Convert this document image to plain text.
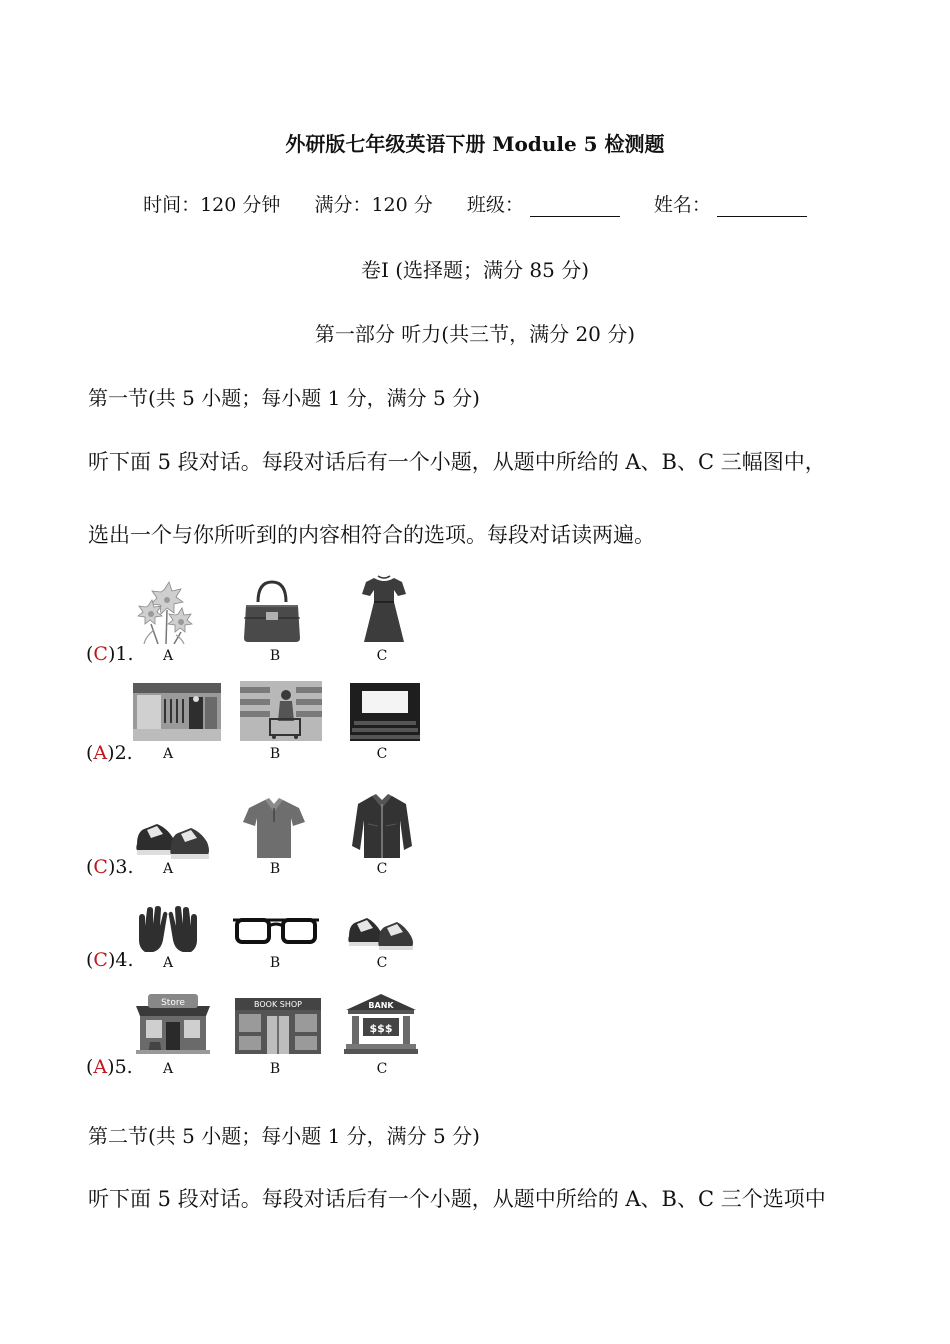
外研版七年级英语下册 Module 5 检测题
时间：120 分钟 满分：120 分 班级：	姓名：
卷Ⅰ (选择题；满分 85 分)
第一部分 听力(共三节，满分 20 分)
第一节(共 5 小题；每小题 1 分，满分 5 分)
听下面 5 段对话。每段对话后有一个小题，从题中所给的 A、B、C 三幅图中，
选出一个与你所听到的内容相符合的选项。每段对话读两遍。
(C)1.	A	B	C
(A)2.	A	B	C
(C)3.	A	B	C
(C)4.	A	B	C
(A)5.
Store	BOOK SHOP	BANK
$$$
A	B	C
第二节(共 5 小题；每小题 1 分，满分 5 分)
听下面 5 段对话。每段对话后有一个小题，从题中所给的 A、B、C 三个选项中
